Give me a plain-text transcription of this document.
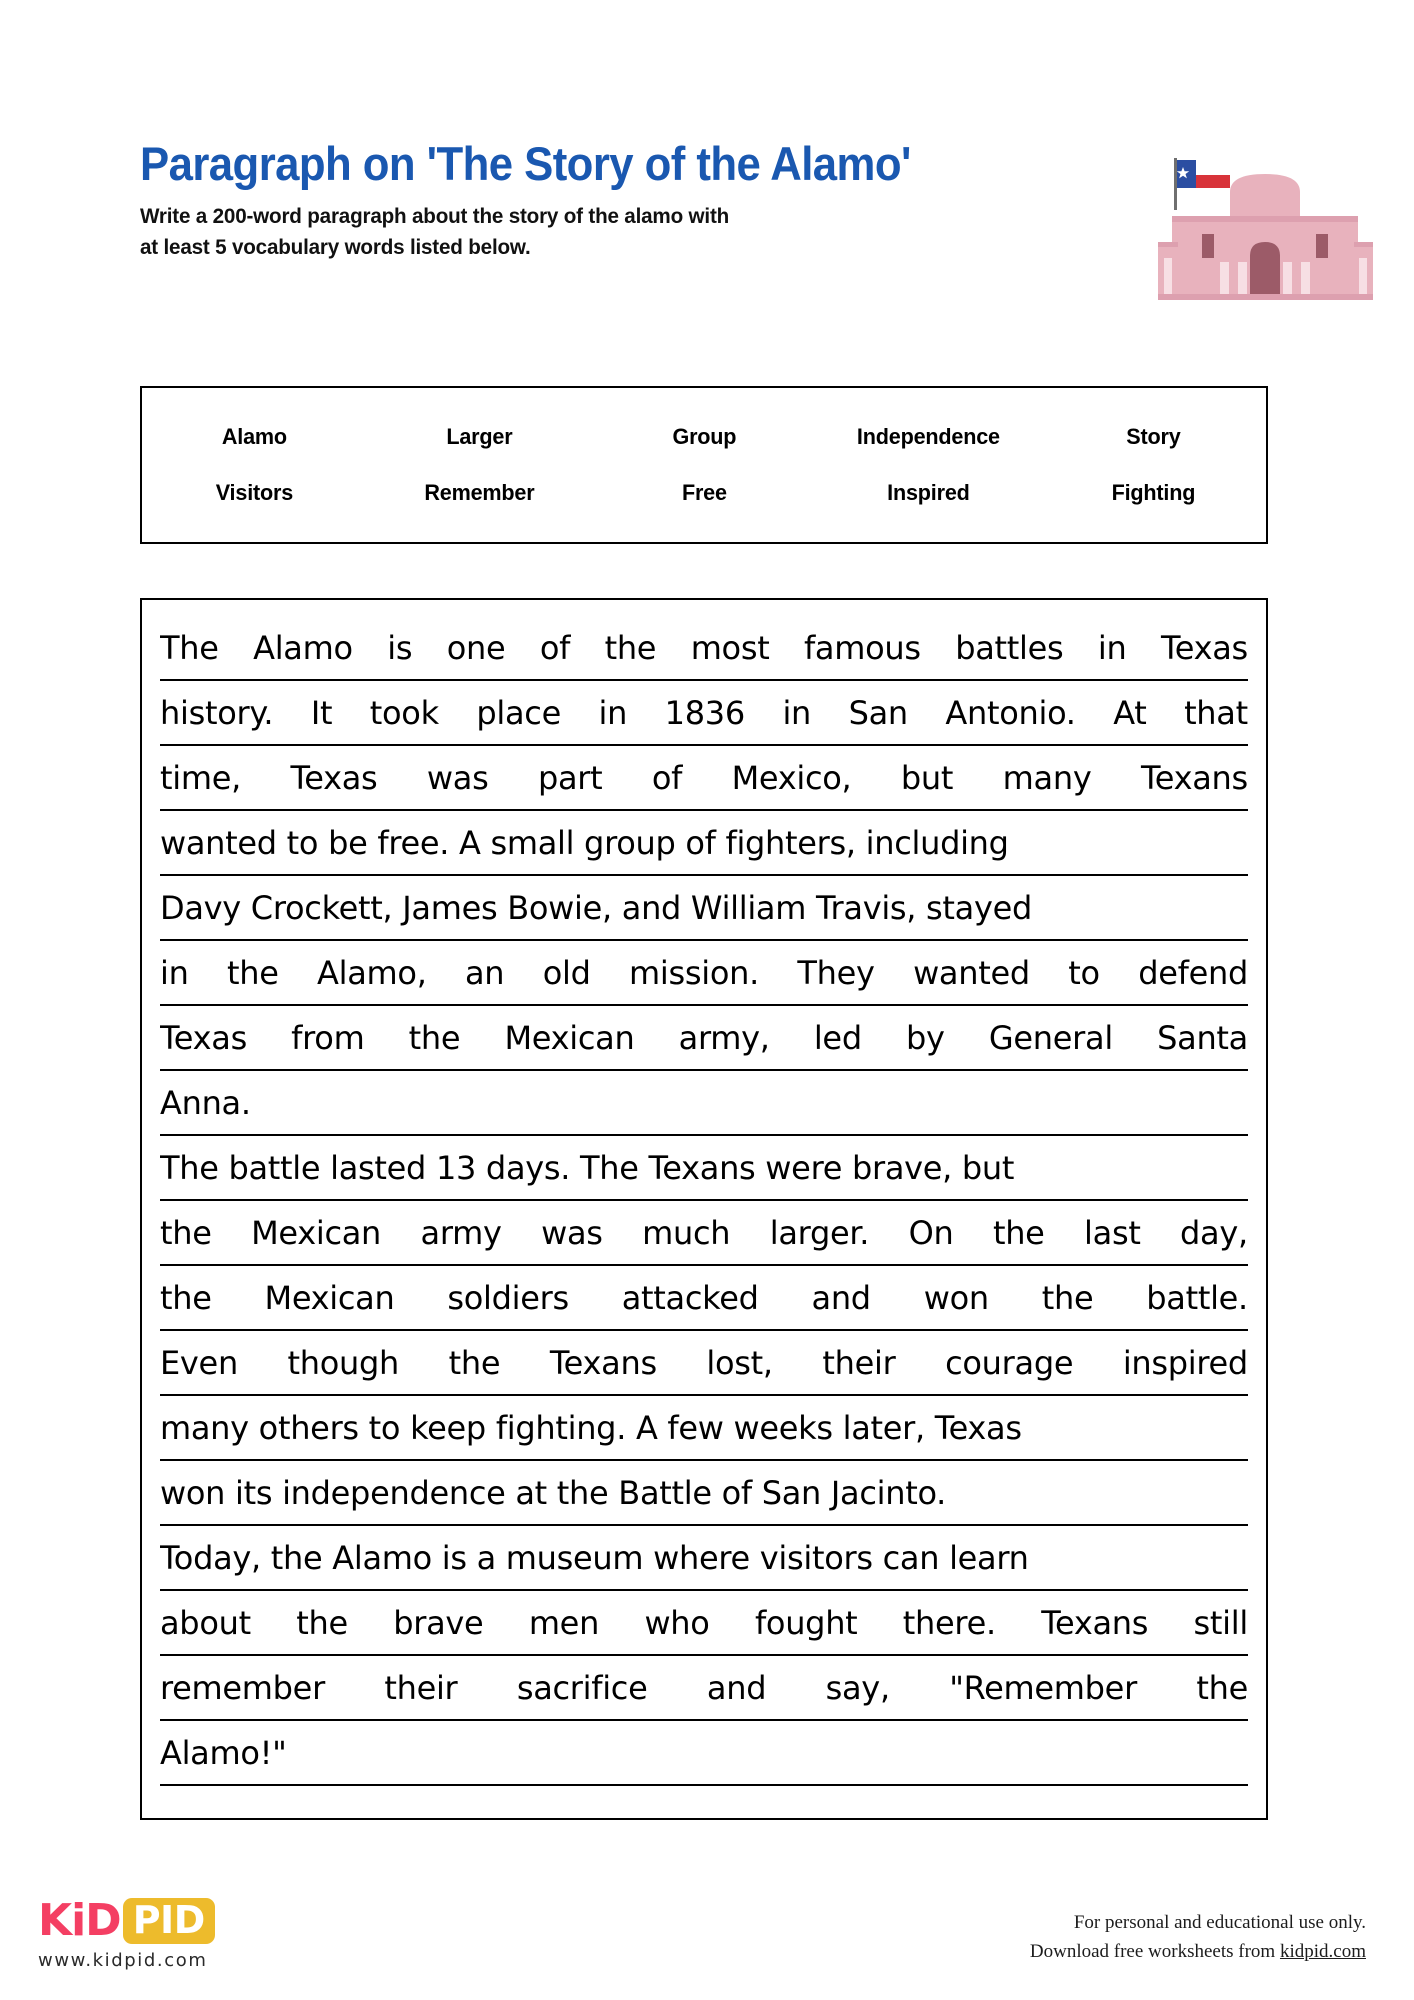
Paragraph on 'The Story of the Alamo'
Write a 200-word paragraph about the story of the alamo with
at least 5 vocabulary words listed below.
Alamo	Larger	Group	Independence	Story
Visitors	Remember	Free	Inspired	Fighting
The Alamo is one of the most famous battles in Texas
history. It took place in 1836 in San Antonio. At that
time, Texas was part of Mexico, but many Texans
wanted to be free. A small group of fighters, including
Davy Crockett, James Bowie, and William Travis, stayed
in the Alamo, an old mission. They wanted to defend
Texas from the Mexican army, led by General Santa
Anna.
The battle lasted 13 days. The Texans were brave, but
the Mexican army was much larger. On the last day,
the Mexican soldiers attacked and won the battle.
Even though the Texans lost, their courage inspired
many others to keep fighting. A few weeks later, Texas
won its independence at the Battle of San Jacinto.
Today, the Alamo is a museum where visitors can learn
about the brave men who fought there. Texans still
remember their sacrifice and say, "Remember the
Alamo!"
KiD PID
www.kidpid.com
For personal and educational use only.
Download free worksheets from kidpid.com
